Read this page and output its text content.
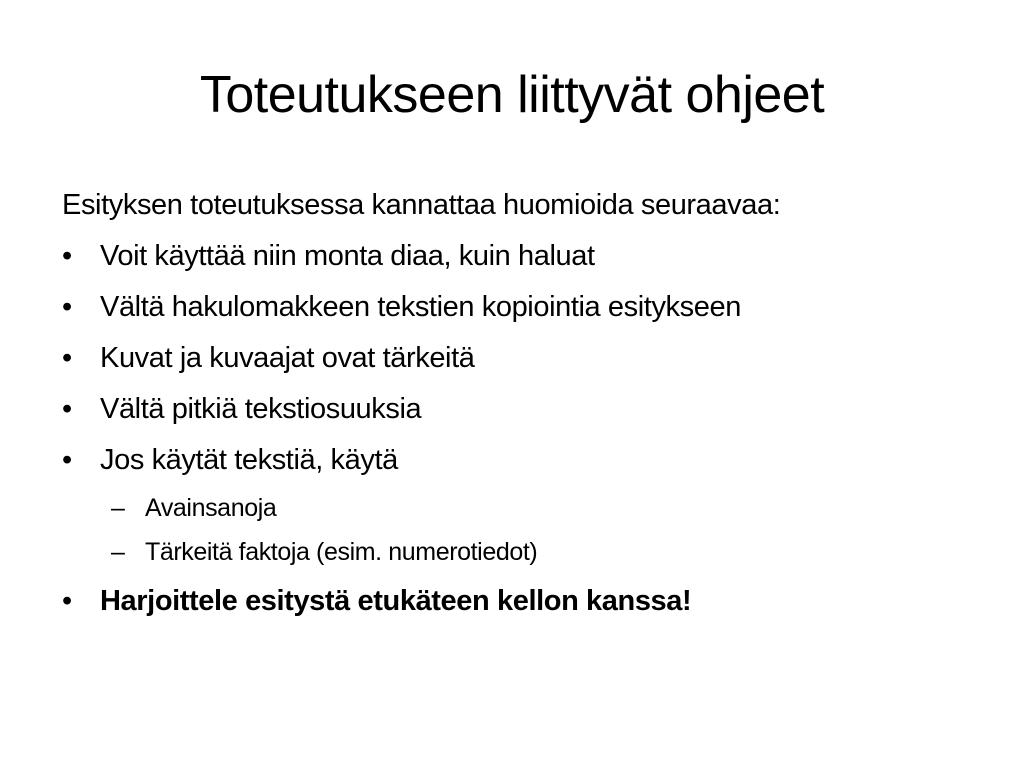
Toteutukseen liittyvät ohjeet

Esityksen toteutuksessa kannattaa huomioida seuraavaa:

• Voit käyttää niin monta diaa, kuin haluat
• Vältä hakulomakkeen tekstien kopiointia esitykseen
• Kuvat ja kuvaajat ovat tärkeitä
• Vältä pitkiä tekstiosuuksia
• Jos käytät tekstiä, käytä
– Avainsanoja
– Tärkeitä faktoja (esim. numerotiedot)
• Harjoittele esitystä etukäteen kellon kanssa!
